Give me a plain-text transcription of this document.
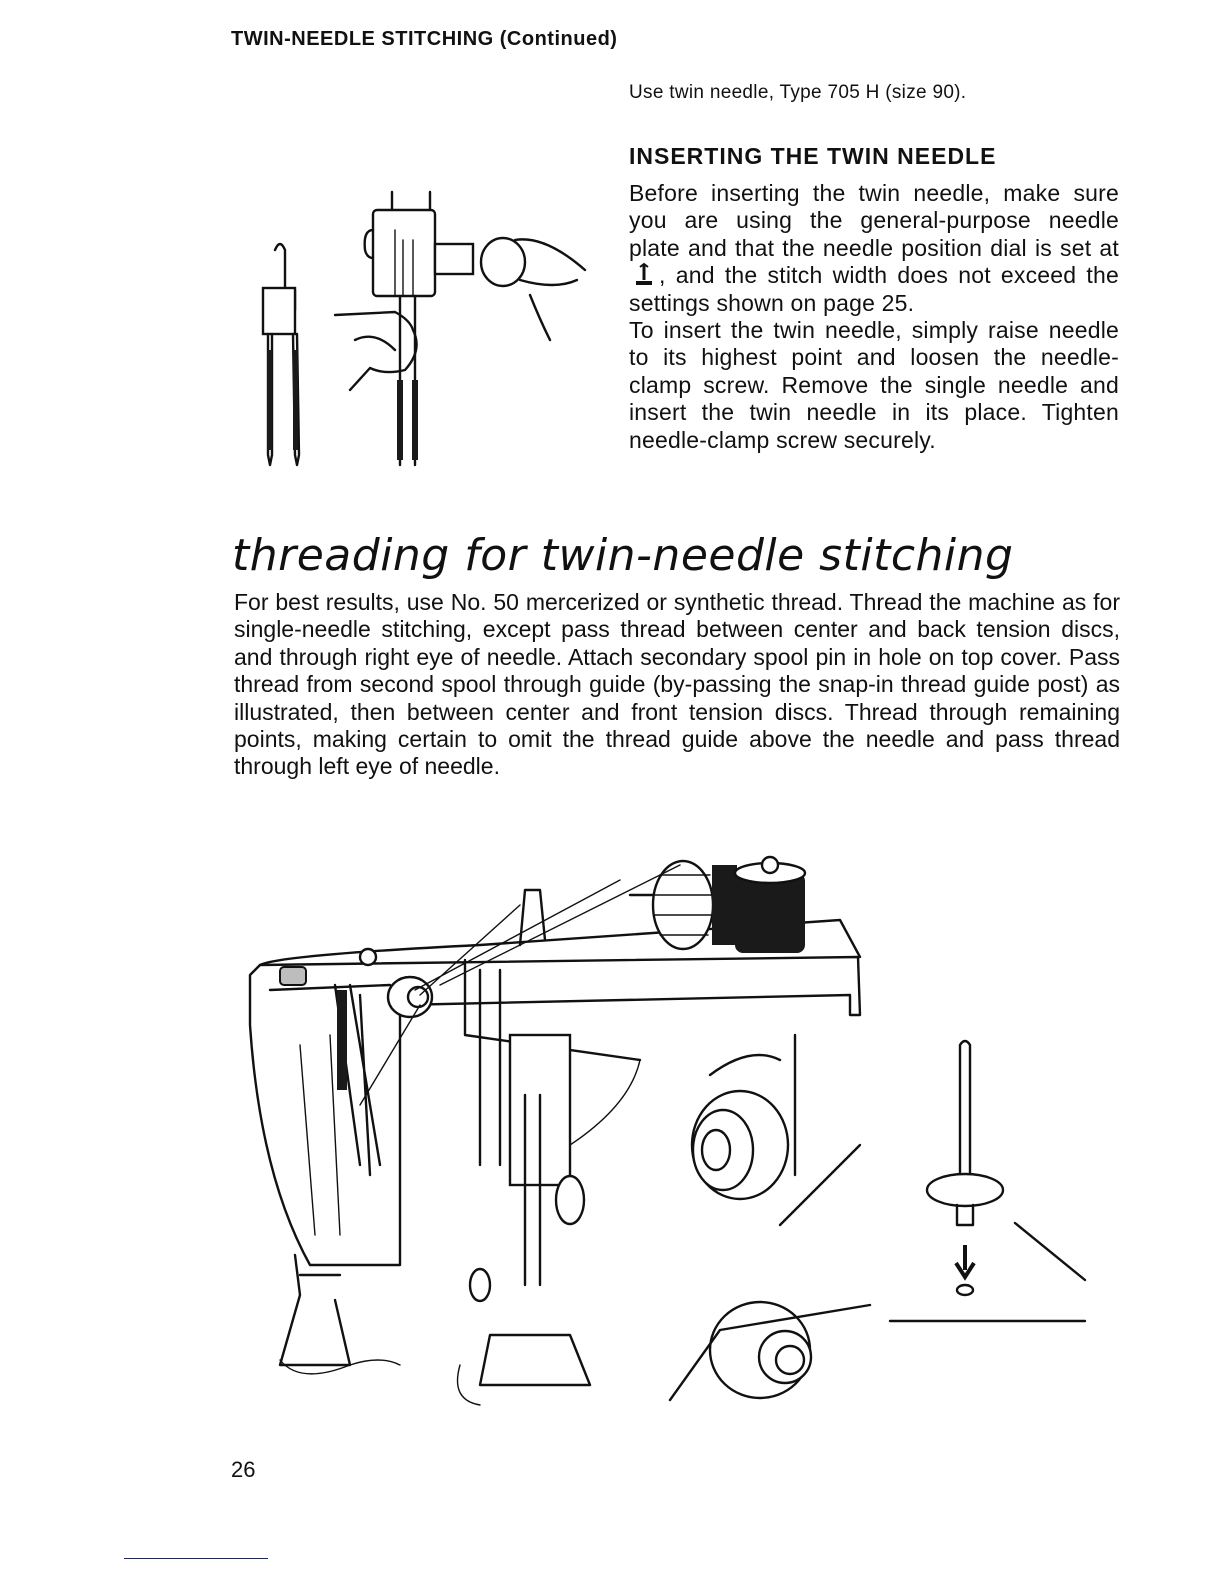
TWIN-NEEDLE STITCHING (Continued)
Use twin needle, Type 705 H (size 90).
INSERTING THE TWIN NEEDLE
Before inserting the twin needle, make sure you are using the general-purpose needle plate and that the needle position dial is set at , and the stitch width does not exceed the settings shown on page 25.
To insert the twin needle, simply raise needle to its highest point and loosen the needle-clamp screw. Remove the single needle and insert the twin needle in its place. Tighten needle-clamp screw securely.
threading for twin-needle stitching
For best results, use No. 50 mercerized or synthetic thread. Thread the machine as for single-needle stitching, except pass thread between center and back tension discs, and through right eye of needle. Attach secondary spool pin in hole on top cover. Pass thread from second spool through guide (by-passing the snap-in thread guide post) as illustrated, then between center and front tension discs. Thread through remaining points, making certain to omit the thread guide above the needle and pass thread through left eye of needle.
26
